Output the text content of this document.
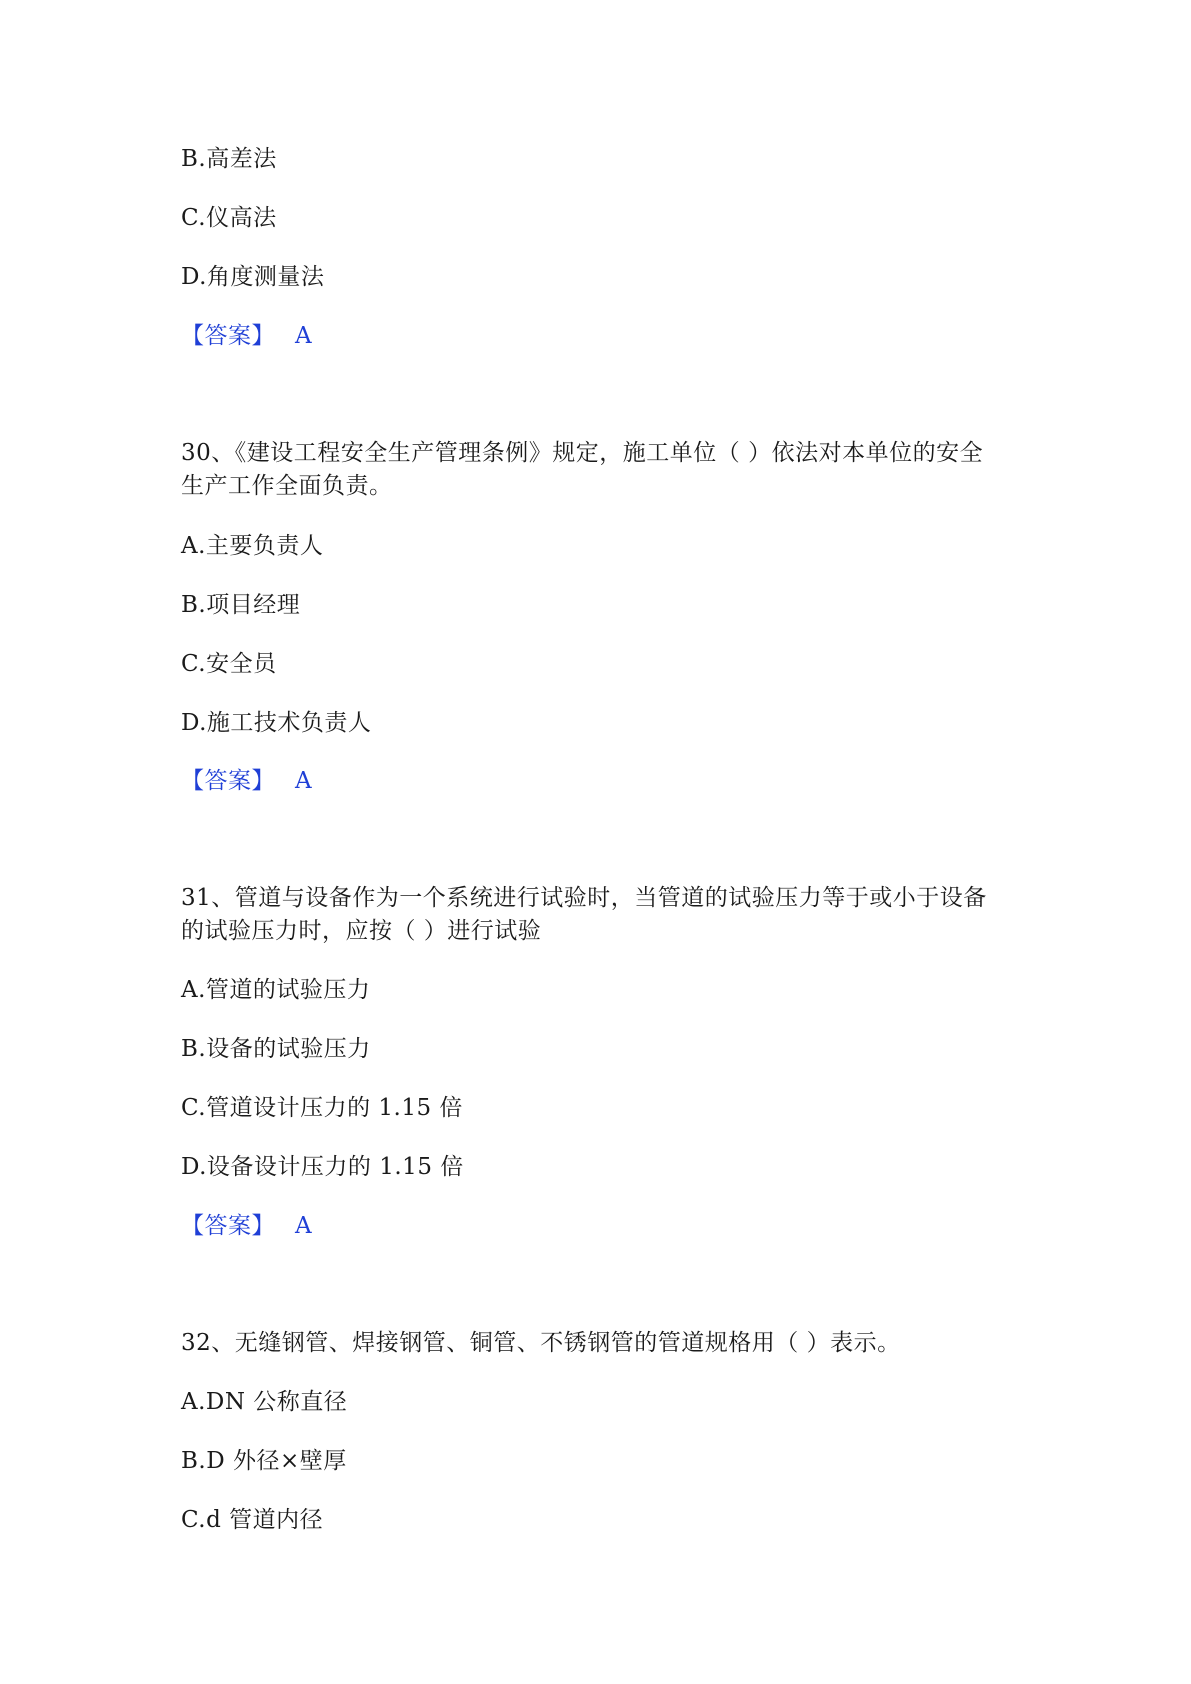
B.高差法
C.仪高法
D.角度测量法
【答案】 A
30、《建设工程安全生产管理条例》规定，施工单位（ ）依法对本单位的安全
生产工作全面负责。
A.主要负责人
B.项目经理
C.安全员
D.施工技术负责人
【答案】 A
31、管道与设备作为一个系统进行试验时，当管道的试验压力等于或小于设备
的试验压力时，应按（ ）进行试验
A.管道的试验压力
B.设备的试验压力
C.管道设计压力的 1.15 倍
D.设备设计压力的 1.15 倍
【答案】 A
32、无缝钢管、焊接钢管、铜管、不锈钢管的管道规格用（ ）表示。
A.DN 公称直径
B.D 外径×壁厚
C.d 管道内径
